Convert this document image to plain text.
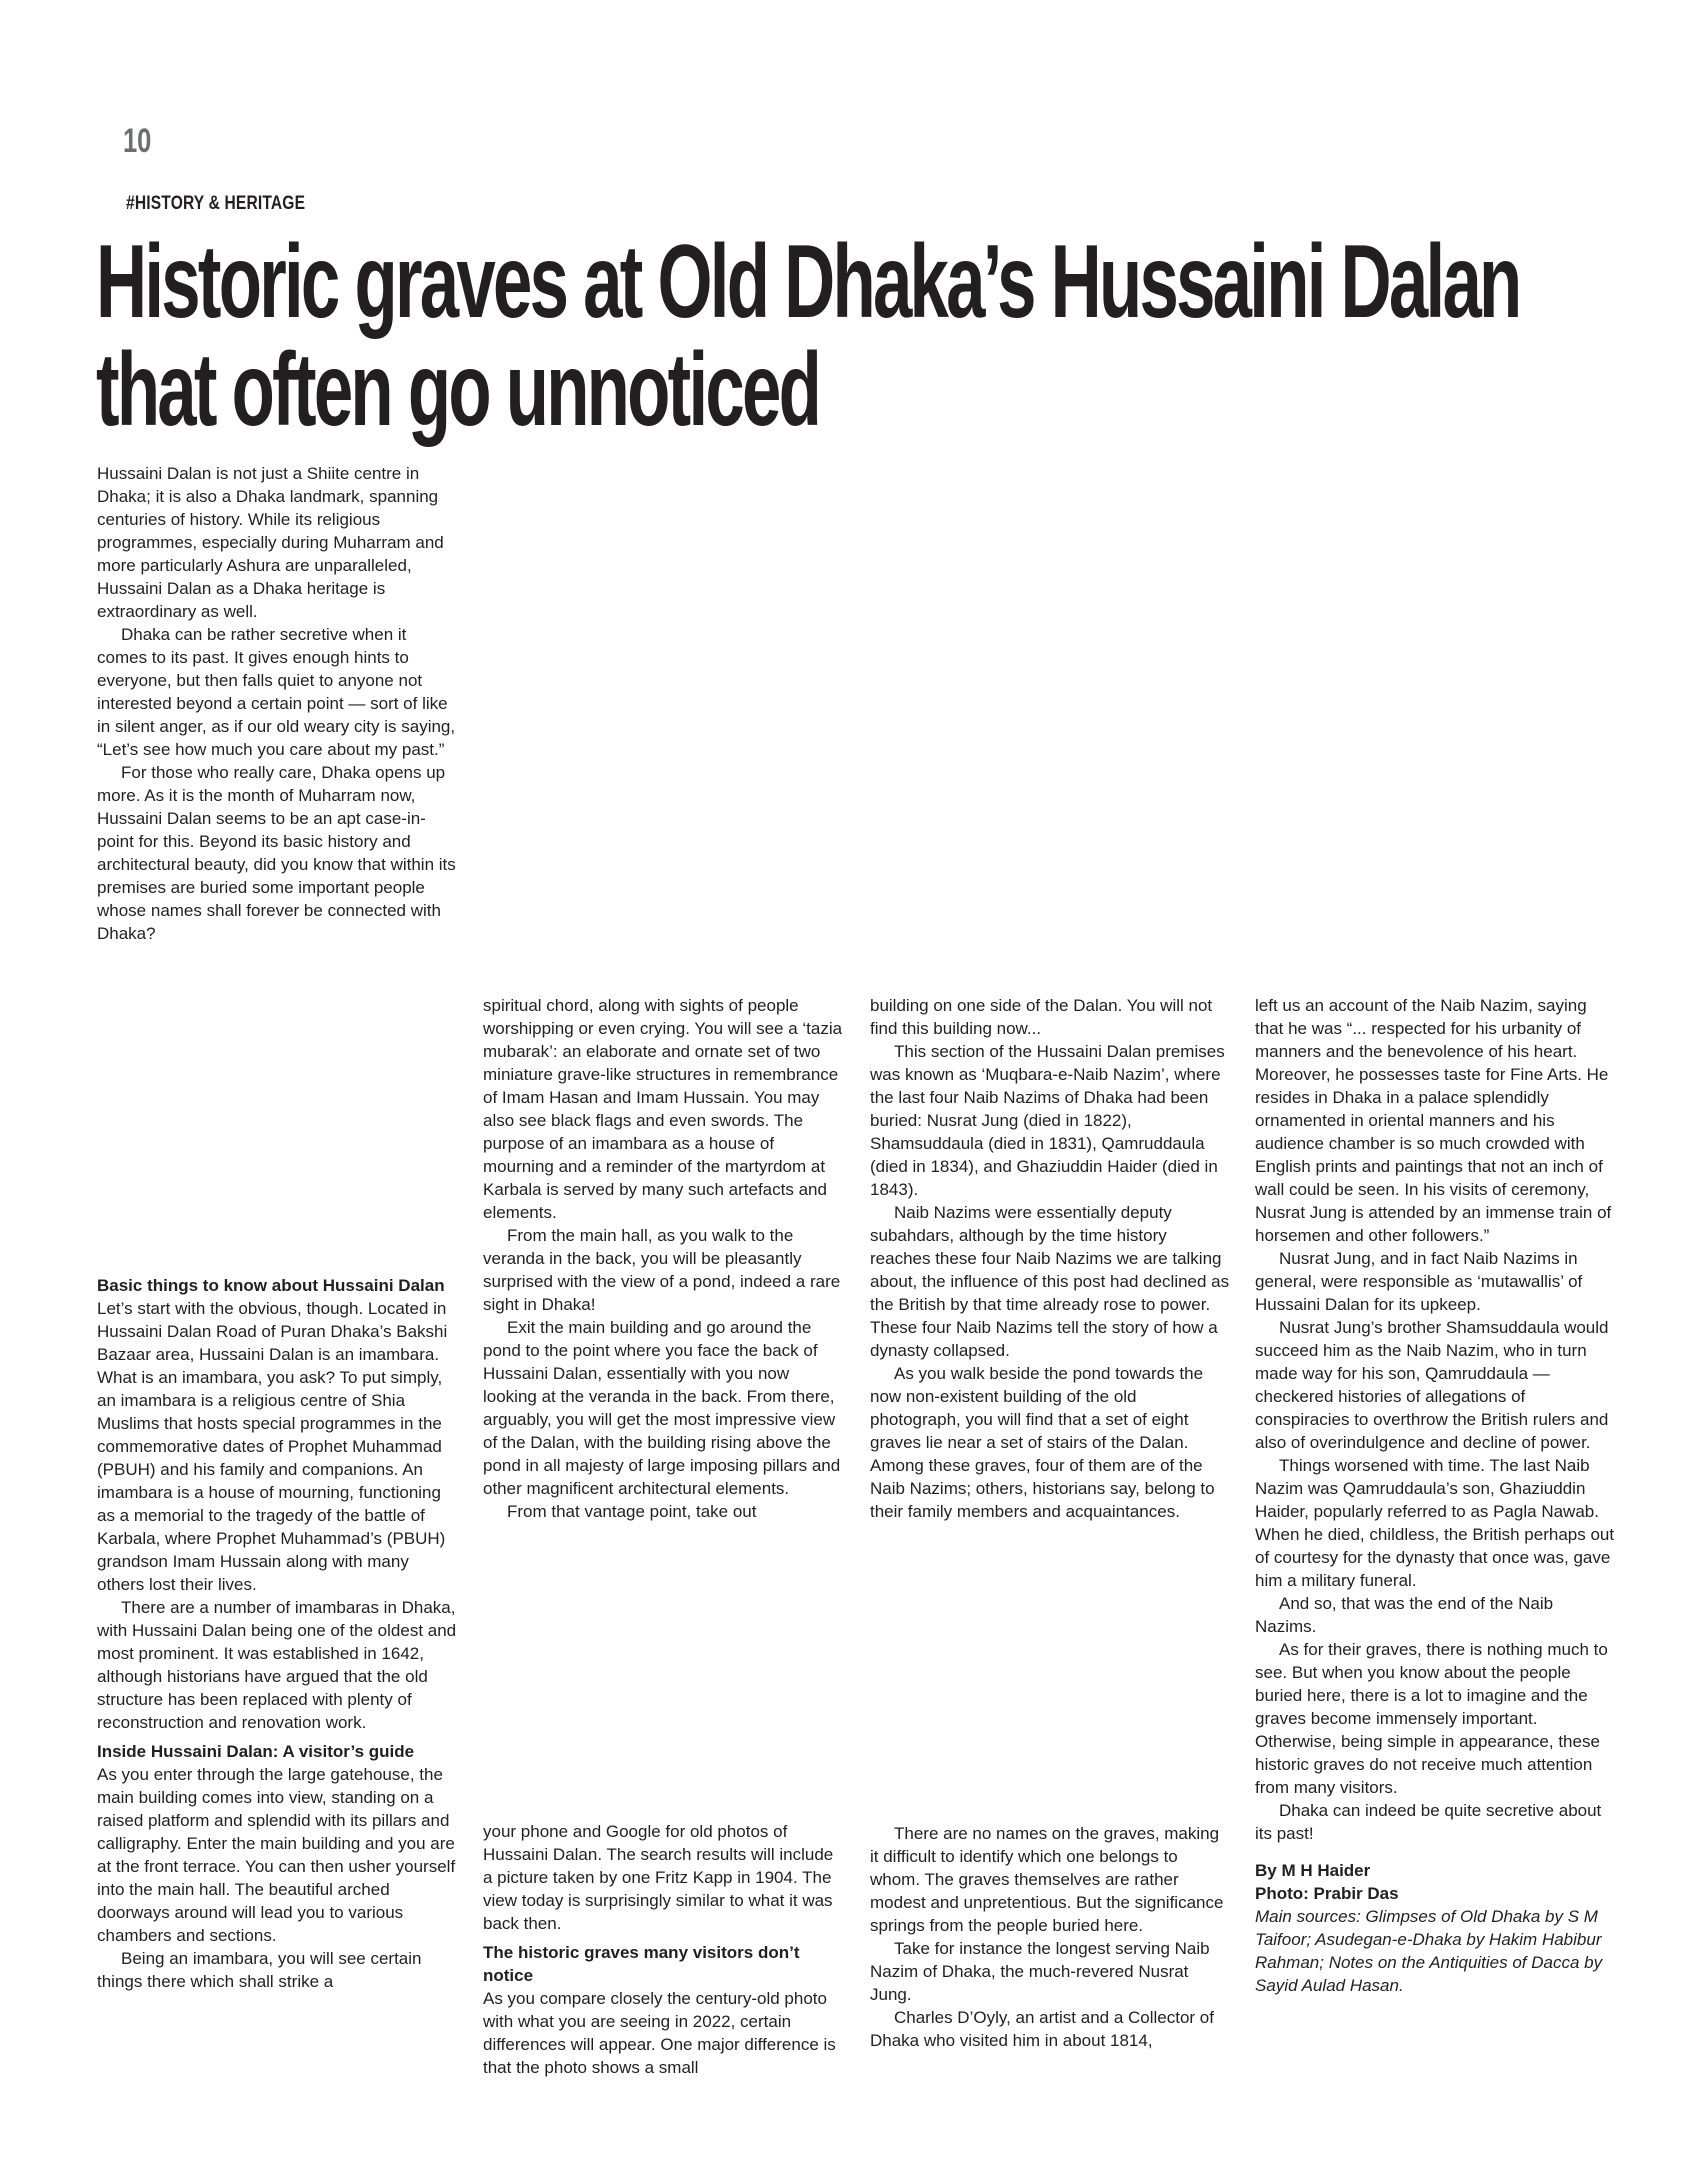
10
#HISTORY & HERITAGE
Historic graves at Old Dhaka’s Hussaini Dalan that often go unnoticed

Hussaini Dalan is not just a Shiite centre in Dhaka; it is also a Dhaka landmark, spanning centuries of history. While its religious programmes, especially during Muharram and more particularly Ashura are unparalleled, Hussaini Dalan as a Dhaka heritage is extraordinary as well.

Dhaka can be rather secretive when it comes to its past. It gives enough hints to everyone, but then falls quiet to anyone not interested beyond a certain point — sort of like in silent anger, as if our old weary city is saying, “Let’s see how much you care about my past.”

For those who really care, Dhaka opens up more. As it is the month of Muharram now, Hussaini Dalan seems to be an apt case-in-point for this. Beyond its basic history and architectural beauty, did you know that within its premises are buried some important people whose names shall forever be connected with Dhaka?

Basic things to know about Hussaini Dalan

Let’s start with the obvious, though. Located in Hussaini Dalan Road of Puran Dhaka’s Bakshi Bazaar area, Hussaini Dalan is an imambara. What is an imambara, you ask? To put simply, an imambara is a religious centre of Shia Muslims that hosts special programmes in the commemorative dates of Prophet Muhammad (PBUH) and his family and companions. An imambara is a house of mourning, functioning as a memorial to the tragedy of the battle of Karbala, where Prophet Muhammad’s (PBUH) grandson Imam Hussain along with many others lost their lives.

There are a number of imambaras in Dhaka, with Hussaini Dalan being one of the oldest and most prominent. It was established in 1642, although historians have argued that the old structure has been replaced with plenty of reconstruction and renovation work.

Inside Hussaini Dalan: A visitor’s guide

As you enter through the large gatehouse, the main building comes into view, standing on a raised platform and splendid with its pillars and calligraphy. Enter the main building and you are at the front terrace. You can then usher yourself into the main hall. The beautiful arched doorways around will lead you to various chambers and sections.

Being an imambara, you will see certain things there which shall strike a

spiritual chord, along with sights of people worshipping or even crying. You will see a ‘tazia mubarak’: an elaborate and ornate set of two miniature grave-like structures in remembrance of Imam Hasan and Imam Hussain. You may also see black flags and even swords. The purpose of an imambara as a house of mourning and a reminder of the martyrdom at Karbala is served by many such artefacts and elements.

From the main hall, as you walk to the veranda in the back, you will be pleasantly surprised with the view of a pond, indeed a rare sight in Dhaka!

Exit the main building and go around the pond to the point where you face the back of Hussaini Dalan, essentially with you now looking at the veranda in the back. From there, arguably, you will get the most impressive view of the Dalan, with the building rising above the pond in all majesty of large imposing pillars and other magnificent architectural elements.

From that vantage point, take out

your phone and Google for old photos of Hussaini Dalan. The search results will include a picture taken by one Fritz Kapp in 1904. The view today is surprisingly similar to what it was back then.

The historic graves many visitors don’t notice

As you compare closely the century-old photo with what you are seeing in 2022, certain differences will appear. One major difference is that the photo shows a small

building on one side of the Dalan. You will not find this building now...

This section of the Hussaini Dalan premises was known as ‘Muqbara-e-Naib Nazim’, where the last four Naib Nazims of Dhaka had been buried: Nusrat Jung (died in 1822), Shamsuddaula (died in 1831), Qamruddaula (died in 1834), and Ghaziuddin Haider (died in 1843).

Naib Nazims were essentially deputy subahdars, although by the time history reaches these four Naib Nazims we are talking about, the influence of this post had declined as the British by that time already rose to power. These four Naib Nazims tell the story of how a dynasty collapsed.

As you walk beside the pond towards the now non-existent building of the old photograph, you will find that a set of eight graves lie near a set of stairs of the Dalan. Among these graves, four of them are of the Naib Nazims; others, historians say, belong to their family members and acquaintances.

There are no names on the graves, making it difficult to identify which one belongs to whom. The graves themselves are rather modest and unpretentious. But the significance springs from the people buried here.

Take for instance the longest serving Naib Nazim of Dhaka, the much-revered Nusrat Jung.

Charles D’Oyly, an artist and a Collector of Dhaka who visited him in about 1814,

left us an account of the Naib Nazim, saying that he was “... respected for his urbanity of manners and the benevolence of his heart. Moreover, he possesses taste for Fine Arts. He resides in Dhaka in a palace splendidly ornamented in oriental manners and his audience chamber is so much crowded with English prints and paintings that not an inch of wall could be seen. In his visits of ceremony, Nusrat Jung is attended by an immense train of horsemen and other followers.”

Nusrat Jung, and in fact Naib Nazims in general, were responsible as ‘mutawallis’ of Hussaini Dalan for its upkeep.

Nusrat Jung’s brother Shamsuddaula would succeed him as the Naib Nazim, who in turn made way for his son, Qamruddaula —checkered histories of allegations of conspiracies to overthrow the British rulers and also of overindulgence and decline of power.

Things worsened with time. The last Naib Nazim was Qamruddaula’s son, Ghaziuddin Haider, popularly referred to as Pagla Nawab. When he died, childless, the British perhaps out of courtesy for the dynasty that once was, gave him a military funeral.

And so, that was the end of the Naib Nazims.

As for their graves, there is nothing much to see. But when you know about the people buried here, there is a lot to imagine and the graves become immensely important. Otherwise, being simple in appearance, these historic graves do not receive much attention from many visitors.

Dhaka can indeed be quite secretive about its past!

By M H Haider

Photo: Prabir Das

Main sources: Glimpses of Old Dhaka by S M Taifoor; Asudegan-e-Dhaka by Hakim Habibur Rahman; Notes on the Antiquities of Dacca by Sayid Aulad Hasan.
